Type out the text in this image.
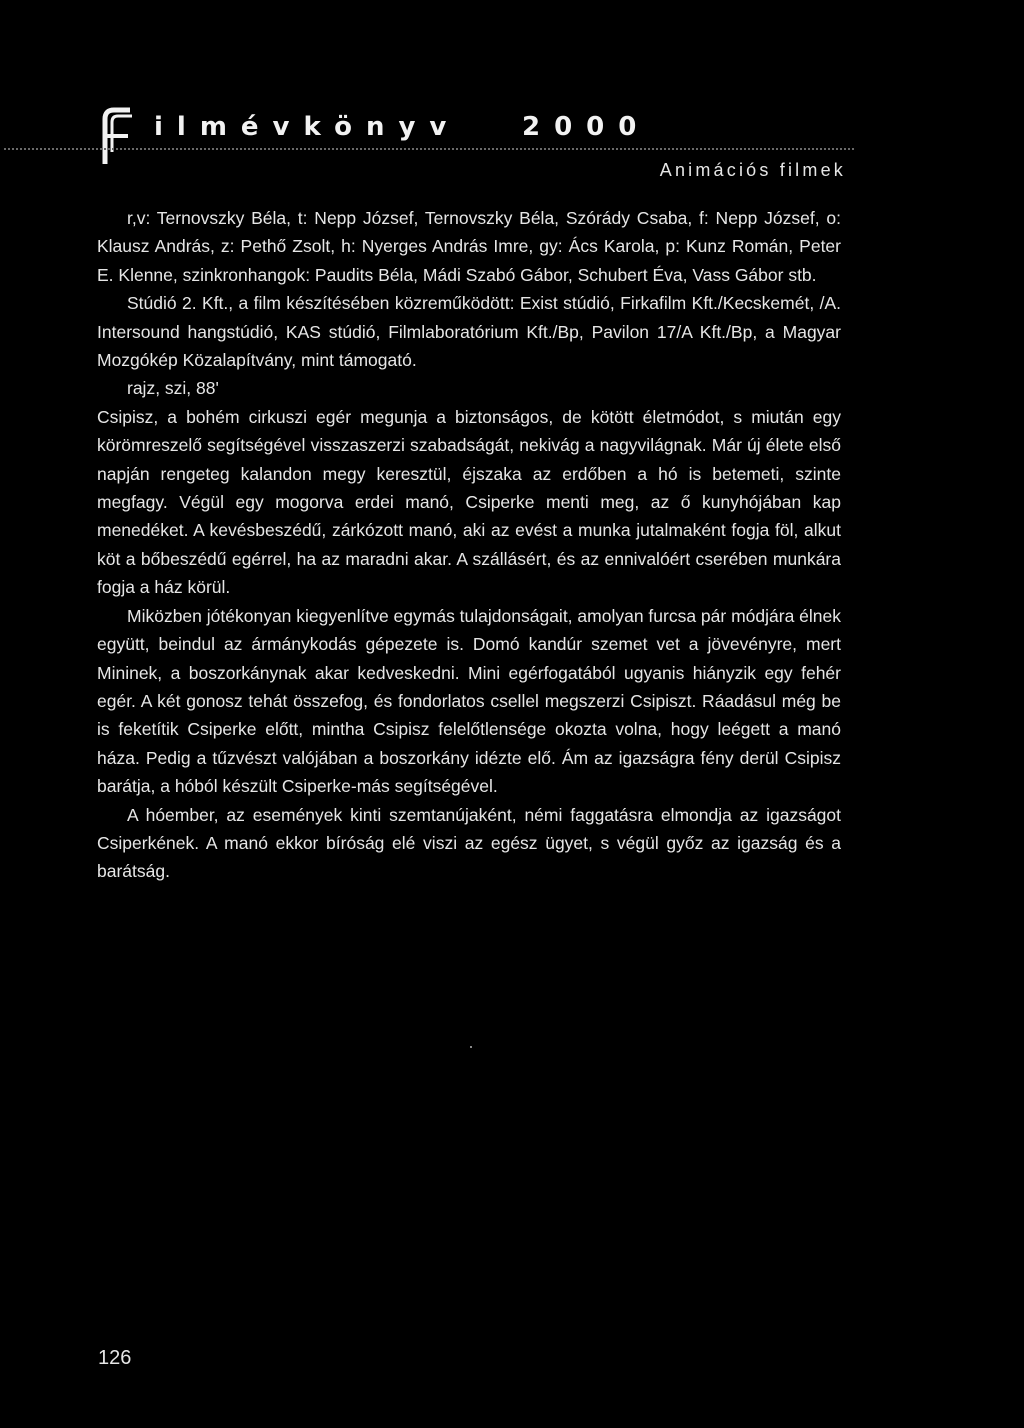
ilmévkönyv 2000
Animációs filmek

r,v: Ternovszky Béla, t: Nepp József, Ternovszky Béla, Szórády Csaba, f: Nepp József, o: Klausz András, z: Pethő Zsolt, h: Nyerges András Imre, gy: Ács Karola, p: Kunz Román, Peter E. Klenne, szinkronhangok: Paudits Béla, Mádi Szabó Gábor, Schubert Éva, Vass Gábor stb.

Stúdió 2. Kft., a film készítésében közreműködött: Exist stúdió, Firkafilm Kft./Kecskemét, /A. Intersound hangstúdió, KAS stúdió, Filmlaboratórium Kft./Bp, Pavilon 17/A Kft./Bp, a Magyar Mozgókép Közalapítvány, mint támogató.

rajz, szi, 88'

Csipisz, a bohém cirkuszi egér megunja a biztonságos, de kötött életmódot, s miután egy körömreszelő segítségével visszaszerzi szabadságát, nekivág a nagyvilágnak. Már új élete első napján rengeteg kalandon megy keresztül, éjszaka az erdőben a hó is betemeti, szinte megfagy. Végül egy mogorva erdei manó, Csiperke menti meg, az ő kunyhójában kap menedéket. A kevésbeszédű, zárkózott manó, aki az evést a munka jutalmaként fogja föl, alkut köt a bőbeszédű egérrel, ha az maradni akar. A szállásért, és az ennivalóért cserében munkára fogja a ház körül.

Miközben jótékonyan kiegyenlítve egymás tulajdonságait, amolyan furcsa pár módjára élnek együtt, beindul az ármánykodás gépezete is. Domó kandúr szemet vet a jövevényre, mert Mininek, a boszorkánynak akar kedveskedni. Mini egérfogatából ugyanis hiányzik egy fehér egér. A két gonosz tehát összefog, és fondorlatos csellel megszerzi Csipiszt. Ráadásul még be is feketítik Csiperke előtt, mintha Csipisz felelőtlensége okozta volna, hogy leégett a manó háza. Pedig a tűzvészt valójában a boszorkány idézte elő. Ám az igazságra fény derül Csipisz barátja, a hóból készült Csiperke-más segítségével.

A hóember, az események kinti szemtanújaként, némi faggatásra elmondja az igazságot Csiperkének. A manó ekkor bíróság elé viszi az egész ügyet, s végül győz az igazság és a barátság.

126
